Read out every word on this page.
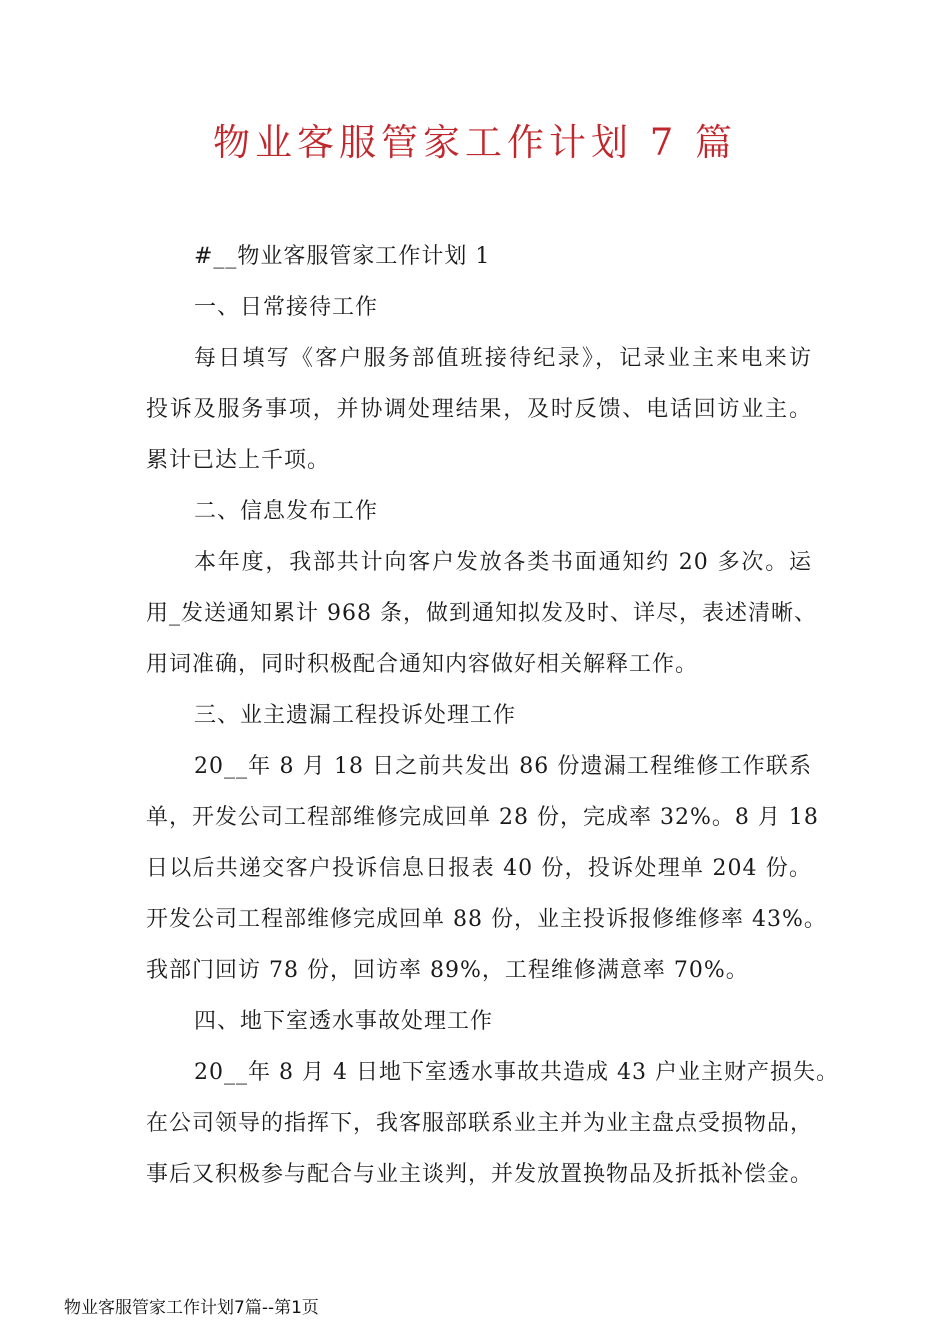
物业客服管家工作计划 7 篇
#__物业客服管家工作计划 1
一、日常接待工作
每日填写《客户服务部值班接待纪录》，记录业主来电来访
投诉及服务事项，并协调处理结果，及时反馈、电话回访业主。
累计已达上千项。
二、信息发布工作
本年度，我部共计向客户发放各类书面通知约 20 多次。运
用_发送通知累计 968 条，做到通知拟发及时、详尽，表述清晰、
用词准确，同时积极配合通知内容做好相关解释工作。
三、业主遗漏工程投诉处理工作
20__年 8 月 18 日之前共发出 86 份遗漏工程维修工作联系
单，开发公司工程部维修完成回单 28 份，完成率 32%。8 月 18
日以后共递交客户投诉信息日报表 40 份，投诉处理单 204 份。
开发公司工程部维修完成回单 88 份，业主投诉报修维修率 43%。
我部门回访 78 份，回访率 89%，工程维修满意率 70%。
四、地下室透水事故处理工作
20__年 8 月 4 日地下室透水事故共造成 43 户业主财产损失。
在公司领导的指挥下，我客服部联系业主并为业主盘点受损物品，
事后又积极参与配合与业主谈判，并发放置换物品及折抵补偿金。
物业客服管家工作计划7篇--第1页
